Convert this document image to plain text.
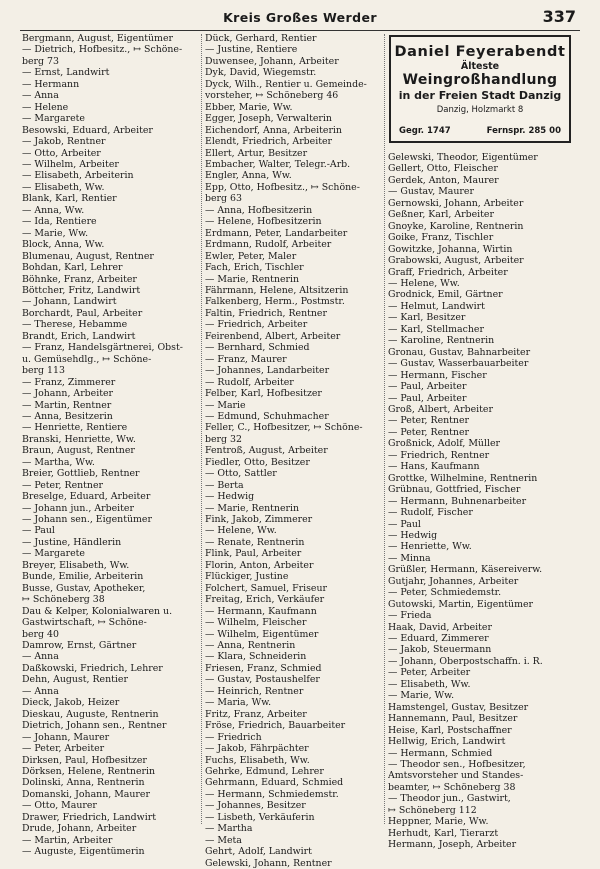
Kreis Großes Werder	337
Bergmann, August, Eigentümer
— Dietrich, Hofbesitz., ↦ Schöne-
berg 73
— Ernst, Landwirt
— Hermann
— Anna
— Helene
— Margarete
Besowski, Eduard, Arbeiter
— Jakob, Rentner
— Otto, Arbeiter
— Wilhelm, Arbeiter
— Elisabeth, Arbeiterin
— Elisabeth, Ww.
Blank, Karl, Rentier
— Anna, Ww.
— Ida, Rentiere
— Marie, Ww.
Block, Anna, Ww.
Blumenau, August, Rentner
Bohdan, Karl, Lehrer
Böhnke, Franz, Arbeiter
Böttcher, Fritz, Landwirt
— Johann, Landwirt
Borchardt, Paul, Arbeiter
— Therese, Hebamme
Brandt, Erich, Landwirt
— Franz, Handelsgärtnerei, Obst-
u. Gemüsehdlg., ↦ Schöne-
berg 113
— Franz, Zimmerer
— Johann, Arbeiter
— Martin, Rentner
— Anna, Besitzerin
— Henriette, Rentiere
Branski, Henriette, Ww.
Braun, August, Rentner
— Martha, Ww.
Breier, Gottlieb, Rentner
— Peter, Rentner
Breselge, Eduard, Arbeiter
— Johann jun., Arbeiter
— Johann sen., Eigentümer
— Paul
— Justine, Händlerin
— Margarete
Breyer, Elisabeth, Ww.
Bunde, Emilie, Arbeiterin
Busse, Gustav, Apotheker,
↦ Schöneberg 38
Dau & Kelper, Kolonialwaren u.
Gastwirtschaft, ↦ Schöne-
berg 40
Damrow, Ernst, Gärtner
— Anna
Daßkowski, Friedrich, Lehrer
Dehn, August, Rentier
— Anna
Dieck, Jakob, Heizer
Dieskau, Auguste, Rentnerin
Dietrich, Johann sen., Rentner
— Johann, Maurer
— Peter, Arbeiter
Dirksen, Paul, Hofbesitzer
Dörksen, Helene, Rentnerin
Dolinski, Anna, Rentnerin
Domanski, Johann, Maurer
— Otto, Maurer
Drawer, Friedrich, Landwirt
Drude, Johann, Arbeiter
— Martin, Arbeiter
— Auguste, Eigentümerin
Dück, Gerhard, Rentier
— Justine, Rentiere
Duwensee, Johann, Arbeiter
Dyk, David, Wiegemstr.
Dyck, Wilh., Rentier u. Gemeinde-
vorsteher, ↦ Schöneberg 46
Ebber, Marie, Ww.
Egger, Joseph, Verwalterin
Eichendorf, Anna, Arbeiterin
Elendt, Friedrich, Arbeiter
Ellert, Artur, Besitzer
Embacher, Walter, Telegr.-Arb.
Engler, Anna, Ww.
Epp, Otto, Hofbesitz., ↦ Schöne-
berg 63
— Anna, Hofbesitzerin
— Helene, Hofbesitzerin
Erdmann, Peter, Landarbeiter
Erdmann, Rudolf, Arbeiter
Ewler, Peter, Maler
Fach, Erich, Tischler
— Marie, Rentnerin
Fährmann, Helene, Altsitzerin
Falkenberg, Herm., Postmstr.
Faltin, Friedrich, Rentner
— Friedrich, Arbeiter
Feirenbend, Albert, Arbeiter
— Bernhard, Schmied
— Franz, Maurer
— Johannes, Landarbeiter
— Rudolf, Arbeiter
Felber, Karl, Hofbesitzer
— Marie
— Edmund, Schuhmacher
Feller, C., Hofbesitzer, ↦ Schöne-
berg 32
Fentroß, August, Arbeiter
Fiedler, Otto, Besitzer
— Otto, Sattler
— Berta
— Hedwig
— Marie, Rentnerin
Fink, Jakob, Zimmerer
— Helene, Ww.
— Renate, Rentnerin
Flink, Paul, Arbeiter
Florin, Anton, Arbeiter
Flückiger, Justine
Folchert, Samuel, Friseur
Freitag, Erich, Verkäufer
— Hermann, Kaufmann
— Wilhelm, Fleischer
— Wilhelm, Eigentümer
— Anna, Rentnerin
— Klara, Schneiderin
Friesen, Franz, Schmied
— Gustav, Postaushelfer
— Heinrich, Rentner
— Maria, Ww.
Fritz, Franz, Arbeiter
Fröse, Friedrich, Bauarbeiter
— Friedrich
— Jakob, Fährpächter
Fuchs, Elisabeth, Ww.
Gehrke, Edmund, Lehrer
Gehrmann, Eduard, Schmied
— Hermann, Schmiedemstr.
— Johannes, Besitzer
— Lisbeth, Verkäuferin
— Martha
— Meta
Gehrt, Adolf, Landwirt
Gelewski, Johann, Rentner
Daniel Feyerabendt
Älteste
Weingroßhandlung
in der Freien Stadt Danzig
Danzig, Holzmarkt 8
Gegr. 1747	Fernspr. 285 00
Gelewski, Theodor, Eigentümer
Gellert, Otto, Fleischer
Gerdek, Anton, Maurer
— Gustav, Maurer
Gernowski, Johann, Arbeiter
Geßner, Karl, Arbeiter
Gnoyke, Karoline, Rentnerin
Goike, Franz, Tischler
Gowitzke, Johanna, Wirtin
Grabowski, August, Arbeiter
Graff, Friedrich, Arbeiter
— Helene, Ww.
Grodnick, Emil, Gärtner
— Helmut, Landwirt
— Karl, Besitzer
— Karl, Stellmacher
— Karoline, Rentnerin
Gronau, Gustav, Bahnarbeiter
— Gustav, Wasserbauarbeiter
— Hermann, Fischer
— Paul, Arbeiter
— Paul, Arbeiter
Groß, Albert, Arbeiter
— Peter, Rentner
— Peter, Rentner
Großnick, Adolf, Müller
— Friedrich, Rentner
— Hans, Kaufmann
Grottke, Wilhelmine, Rentnerin
Grübnau, Gottfried, Fischer
— Hermann, Buhnenarbeiter
— Rudolf, Fischer
— Paul
— Hedwig
— Henriette, Ww.
— Minna
Grüßler, Hermann, Käsereiverw.
Gutjahr, Johannes, Arbeiter
— Peter, Schmiedemstr.
Gutowski, Martin, Eigentümer
— Frieda
Haak, David, Arbeiter
— Eduard, Zimmerer
— Jakob, Steuermann
— Johann, Oberpostschaffn. i. R.
— Peter, Arbeiter
— Elisabeth, Ww.
— Marie, Ww.
Hamstengel, Gustav, Besitzer
Hannemann, Paul, Besitzer
Heise, Karl, Postschaffner
Hellwig, Erich, Landwirt
— Hermann, Schmied
— Theodor sen., Hofbesitzer,
Amtsvorsteher und Standes-
beamter, ↦ Schöneberg 38
— Theodor jun., Gastwirt,
↦ Schöneberg 112
Heppner, Marie, Ww.
Herhudt, Karl, Tierarzt
Hermann, Joseph, Arbeiter
